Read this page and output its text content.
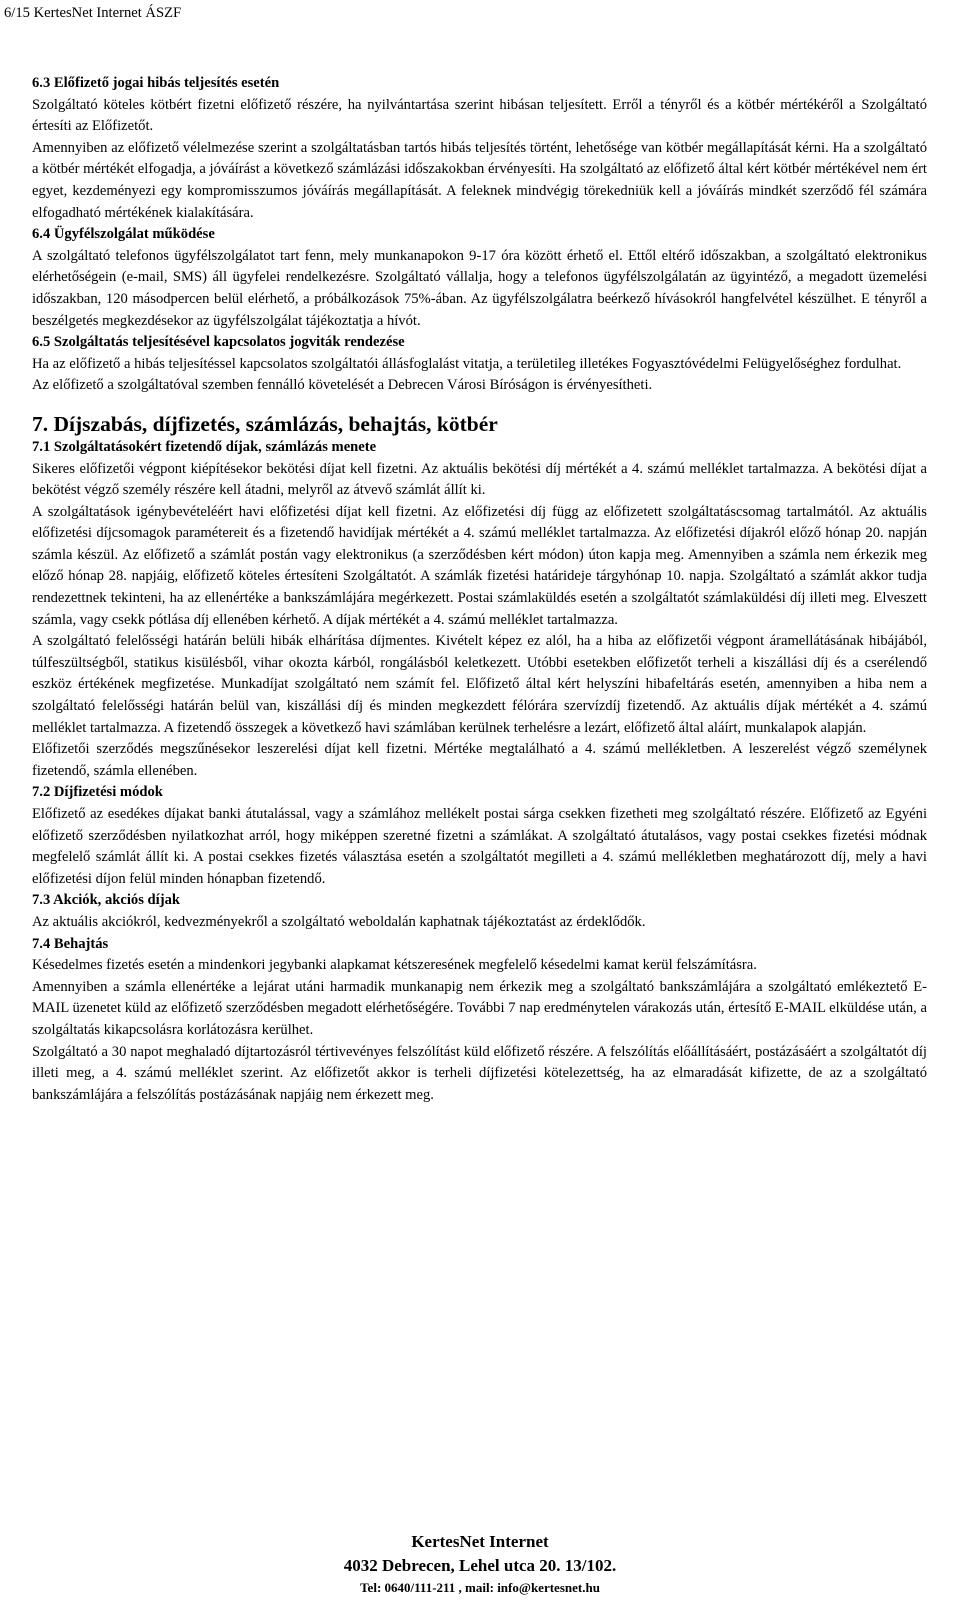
6/15 KertesNet Internet ÁSZF
6.3 Előfizető jogai hibás teljesítés esetén

Szolgáltató köteles kötbért fizetni előfizető részére, ha nyilvántartása szerint hibásan teljesített. Erről a tényről és a kötbér mértékéről a Szolgáltató értesíti az Előfizetőt.

Amennyiben az előfizető vélelmezése szerint a szolgáltatásban tartós hibás teljesítés történt, lehetősége van kötbér megállapítását kérni. Ha a szolgáltató a kötbér mértékét elfogadja, a jóváírást a következő számlázási időszakokban érvényesíti. Ha szolgáltató az előfizető által kért kötbér mértékével nem ért egyet, kezdeményezi egy kompromisszumos jóváírás megállapítását. A feleknek mindvégig törekedniük kell a jóváírás mindkét szerződő fél számára elfogadható mértékének kialakítására.

6.4 Ügyfélszolgálat működése

A szolgáltató telefonos ügyfélszolgálatot tart fenn, mely munkanapokon 9-17 óra között érhető el. Ettől eltérő időszakban, a szolgáltató elektronikus elérhetőségein (e-mail, SMS) áll ügyfelei rendelkezésre. Szolgáltató vállalja, hogy a telefonos ügyfélszolgálatán az ügyintéző, a megadott üzemelési időszakban, 120 másodpercen belül elérhető, a próbálkozások 75%-ában. Az ügyfélszolgálatra beérkező hívásokról hangfelvétel készülhet. E tényről a beszélgetés megkezdésekor az ügyfélszolgálat tájékoztatja a hívót.

6.5 Szolgáltatás teljesítésével kapcsolatos jogviták rendezése

Ha az előfizető a hibás teljesítéssel kapcsolatos szolgáltatói állásfoglalást vitatja, a területileg illetékes Fogyasztóvédelmi Felügyelőséghez fordulhat.

Az előfizető a szolgáltatóval szemben fennálló követelését a Debrecen Városi Bíróságon is érvényesítheti.

7. Díjszabás, díjfizetés, számlázás, behajtás, kötbér
7.1 Szolgáltatásokért fizetendő díjak, számlázás menete

Sikeres előfizetői végpont kiépítésekor bekötési díjat kell fizetni. Az aktuális bekötési díj mértékét a 4. számú melléklet tartalmazza. A bekötési díjat a bekötést végző személy részére kell átadni, melyről az átvevő számlát állít ki.

A szolgáltatások igénybevételéért havi előfizetési díjat kell fizetni. Az előfizetési díj függ az előfizetett szolgáltatáscsomag tartalmától. Az aktuális előfizetési díjcsomagok paramétereit és a fizetendő havidíjak mértékét a 4. számú melléklet tartalmazza. Az előfizetési díjakról előző hónap 20. napján számla készül. Az előfizető a számlát postán vagy elektronikus (a szerződésben kért módon) úton kapja meg. Amennyiben a számla nem érkezik meg előző hónap 28. napjáig, előfizető köteles értesíteni Szolgáltatót. A számlák fizetési határideje tárgyhónap 10. napja. Szolgáltató a számlát akkor tudja rendezettnek tekinteni, ha az ellenértéke a bankszámlájára megérkezett. Postai számlaküldés esetén a szolgáltatót számlaküldési díj illeti meg. Elveszett számla, vagy csekk pótlása díj ellenében kérhető. A díjak mértékét a 4. számú melléklet tartalmazza.

A szolgáltató felelősségi határán belüli hibák elhárítása díjmentes. Kivételt képez ez alól, ha a hiba az előfizetői végpont áramellátásának hibájából, túlfeszültségből, statikus kisülésből, vihar okozta kárból, rongálásból keletkezett. Utóbbi esetekben előfizetőt terheli a kiszállási díj és a cserélendő eszköz értékének megfizetése. Munkadíjat szolgáltató nem számít fel. Előfizető által kért helyszíni hibafeltárás esetén, amennyiben a hiba nem a szolgáltató felelősségi határán belül van, kiszállási díj és minden megkezdett félórára szervízdíj fizetendő. Az aktuális díjak mértékét a 4. számú melléklet tartalmazza. A fizetendő összegek a következő havi számlában kerülnek terhelésre a lezárt, előfizető által aláírt, munkalapok alapján.

Előfizetői szerződés megszűnésekor leszerelési díjat kell fizetni. Mértéke megtalálható a 4. számú mellékletben. A leszerelést végző személynek fizetendő, számla ellenében.

7.2 Díjfizetési módok

Előfizető az esedékes díjakat banki átutalással, vagy a számlához mellékelt postai sárga csekken fizetheti meg szolgáltató részére. Előfizető az Egyéni előfizető szerződésben nyilatkozhat arról, hogy miképpen szeretné fizetni a számlákat. A szolgáltató átutalásos, vagy postai csekkes fizetési módnak megfelelő számlát állít ki. A postai csekkes fizetés választása esetén a szolgáltatót megilleti a 4. számú mellékletben meghatározott díj, mely a havi előfizetési díjon felül minden hónapban fizetendő.

7.3 Akciók, akciós díjak

Az aktuális akciókról, kedvezményekről a szolgáltató weboldalán kaphatnak tájékoztatást az érdeklődők.

7.4 Behajtás

Késedelmes fizetés esetén a mindenkori jegybanki alapkamat kétszeresének megfelelő késedelmi kamat kerül felszámításra.

Amennyiben a számla ellenértéke a lejárat utáni harmadik munkanapig nem érkezik meg a szolgáltató bankszámlájára a szolgáltató emlékeztető E-MAIL üzenetet küld az előfizető szerződésben megadott elérhetőségére. További 7 nap eredménytelen várakozás után, értesítő E-MAIL elküldése után, a szolgáltatás kikapcsolásra korlátozásra kerülhet.

Szolgáltató a 30 napot meghaladó díjtartozásról tértivevényes felszólítást küld előfizető részére. A felszólítás előállításáért, postázásáért a szolgáltatót díj illeti meg, a 4. számú melléklet szerint. Az előfizetőt akkor is terheli díjfizetési kötelezettség, ha az elmaradását kifizette, de az a szolgáltató bankszámlájára a felszólítás postázásának napjáig nem érkezett meg.

KertesNet Internet
4032 Debrecen, Lehel utca 20. 13/102.
Tel: 0640/111-211 , mail: info@kertesnet.hu
